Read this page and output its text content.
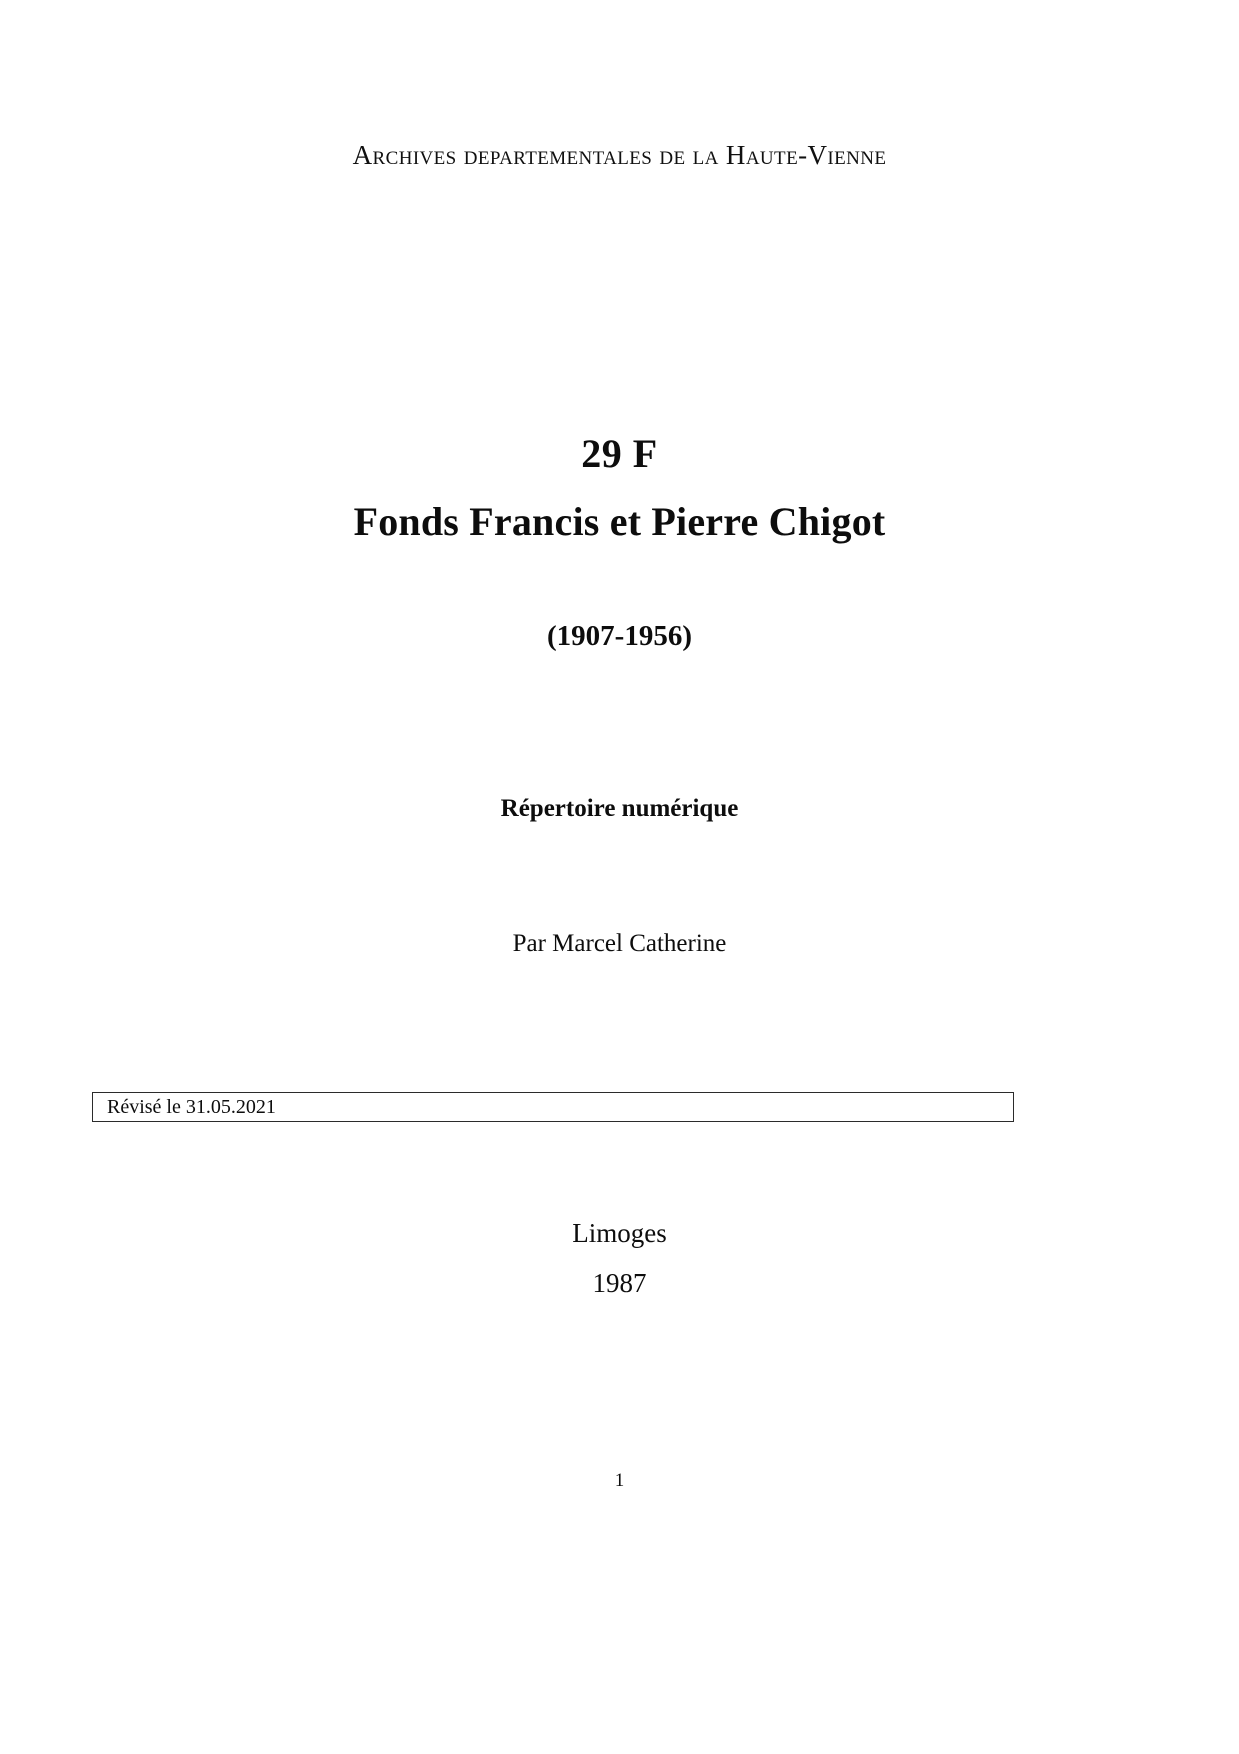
Archives departementales de la Haute-Vienne
29 F
Fonds Francis et Pierre Chigot
(1907-1956)
Répertoire numérique
Par Marcel Catherine
Révisé le 31.05.2021
Limoges
1987
1
